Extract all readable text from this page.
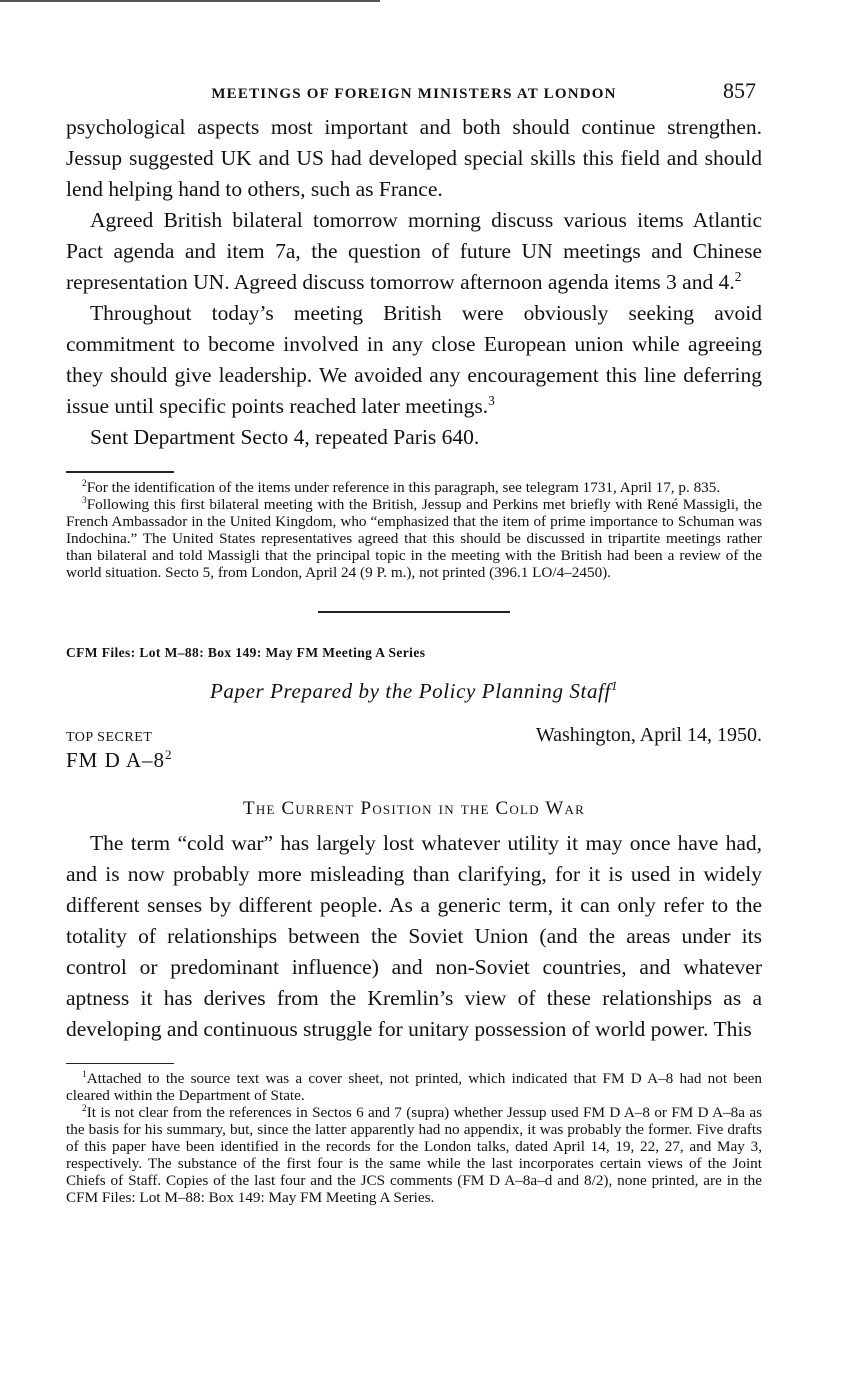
MEETINGS OF FOREIGN MINISTERS AT LONDON	857

psychological aspects most important and both should continue strengthen. Jessup suggested UK and US had developed special skills this field and should lend helping hand to others, such as France.

Agreed British bilateral tomorrow morning discuss various items Atlantic Pact agenda and item 7a, the question of future UN meetings and Chinese representation UN. Agreed discuss tomorrow afternoon agenda items 3 and 4.$^2$

Throughout today’s meeting British were obviously seeking avoid commitment to become involved in any close European union while agreeing they should give leadership. We avoided any encouragement this line deferring issue until specific points reached later meetings.$^3$

Sent Department Secto 4, repeated Paris 640.

$^2$For the identification of the items under reference in this paragraph, see telegram 1731, April 17, p. 835.

$^3$Following this first bilateral meeting with the British, Jessup and Perkins met briefly with René Massigli, the French Ambassador in the United Kingdom, who “emphasized that the item of prime importance to Schuman was Indochina.” The United States representatives agreed that this should be discussed in tripartite meetings rather than bilateral and told Massigli that the principal topic in the meeting with the British had been a review of the world situation. Secto 5, from London, April 24 (9 P. m.), not printed (396.1 LO/4–2450).

CFM Files: Lot M–88: Box 149: May FM Meeting A Series

Paper Prepared by the Policy Planning Staff$^1$

TOP SECRET	Washington, April 14, 1950.
FM D $A-8^2$

The Current Position in the Cold War

The term “cold war” has largely lost whatever utility it may once have had, and is now probably more misleading than clarifying, for it is used in widely different senses by different people. As a generic term, it can only refer to the totality of relationships between the Soviet Union (and the areas under its control or predominant influence) and non-Soviet countries, and whatever aptness it has derives from the Kremlin’s view of these relationships as a developing and continuous struggle for unitary possession of world power. This

$^1$Attached to the source text was a cover sheet, not printed, which indicated that FM D A–8 had not been cleared within the Department of State.

$^2$It is not clear from the references in Sectos 6 and 7 (supra) whether Jessup used FM D A–8 or FM D A–8a as the basis for his summary, but, since the latter apparently had no appendix, it was probably the former. Five drafts of this paper have been identified in the records for the London talks, dated April 14, 19, 22, 27, and May 3, respectively. The substance of the first four is the same while the last incorporates certain views of the Joint Chiefs of Staff. Copies of the last four and the JCS comments (FM D A–8a–d and 8/2), none printed, are in the CFM Files: Lot M–88: Box 149: May FM Meeting A Series.
